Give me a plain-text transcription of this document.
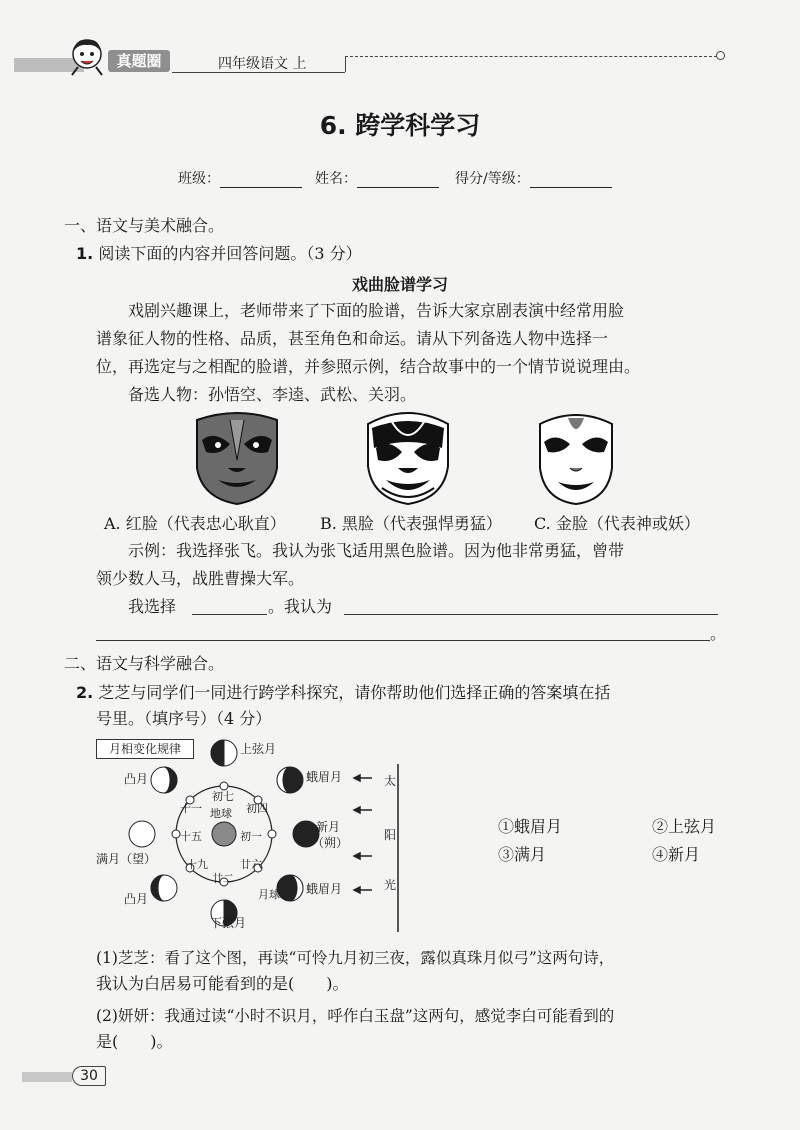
真题圈	四年级语文 上
6. 跨学科学习
班级：	姓名：	得分/等级：
一、语文与美术融合。
1. 阅读下面的内容并回答问题。（3 分）
戏曲脸谱学习
戏剧兴趣课上，老师带来了下面的脸谱，告诉大家京剧表演中经常用脸
谱象征人物的性格、品质，甚至角色和命运。请从下列备选人物中选择一
位，再选定与之相配的脸谱，并参照示例，结合故事中的一个情节说说理由。
备选人物：孙悟空、李逵、武松、关羽。
A. 红脸（代表忠心耿直） B. 黑脸（代表强悍勇猛） C. 金脸（代表神或妖）
示例：我选择张飞。我认为张飞适用黑色脸谱。因为他非常勇猛，曾带
领少数人马，战胜曹操大军。
我选择	。我认为
。
二、语文与科学融合。
2. 芝芝与同学们一同进行跨学科探究，请你帮助他们选择正确的答案填在括
号里。（填序号）（4 分）
月相变化规律	上弦月
蛾眉月
新月
（朔）
蛾眉月
下弦月
凸月
满月（望）
凸月
地球
月球
初七
十一	初四
十五	初一
十九	廿六
廿二
太
阳
光
①蛾眉月	②上弦月
③满月	④新月
(1)芝芝：看了这个图，再读“可怜九月初三夜，露似真珠月似弓”这两句诗，
我认为白居易可能看到的是(　　)。
(2)妍妍：我通过读“小时不识月，呼作白玉盘”这两句，感觉李白可能看到的
是(　　)。
30
